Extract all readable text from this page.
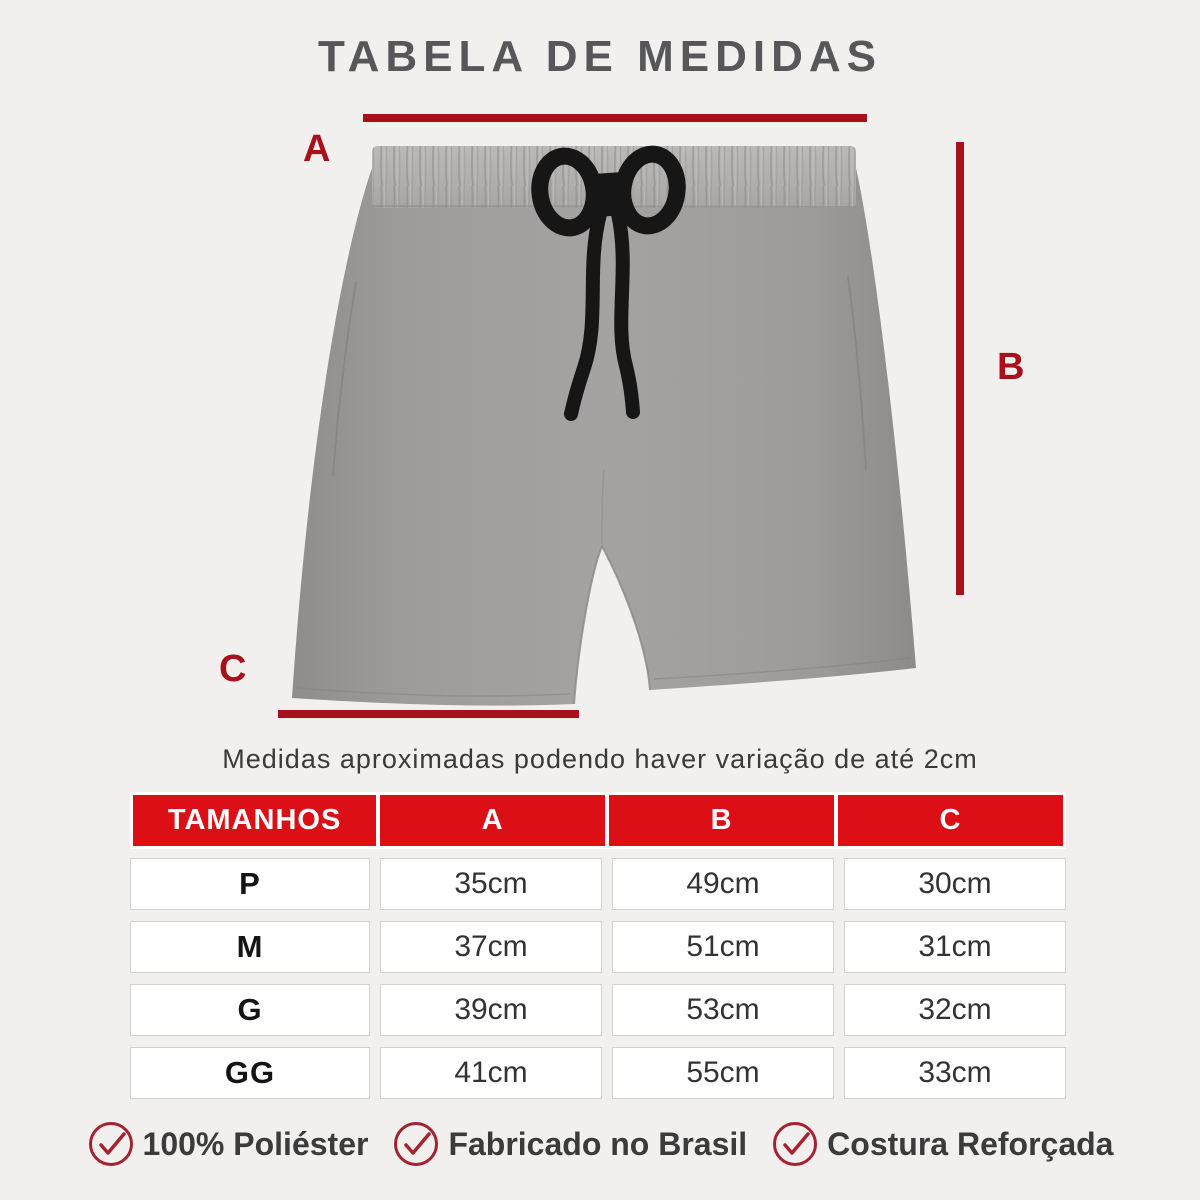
TABELA DE MEDIDAS
A
B
C

Medidas aproximadas podendo haver variação de até 2cm

TAMANHOS	A	B	C
P	35cm	49cm	30cm
M	37cm	51cm	31cm
G	39cm	53cm	32cm
GG	41cm	55cm	33cm
100% Poliéster	Fabricado no Brasil	Costura Reforçada
